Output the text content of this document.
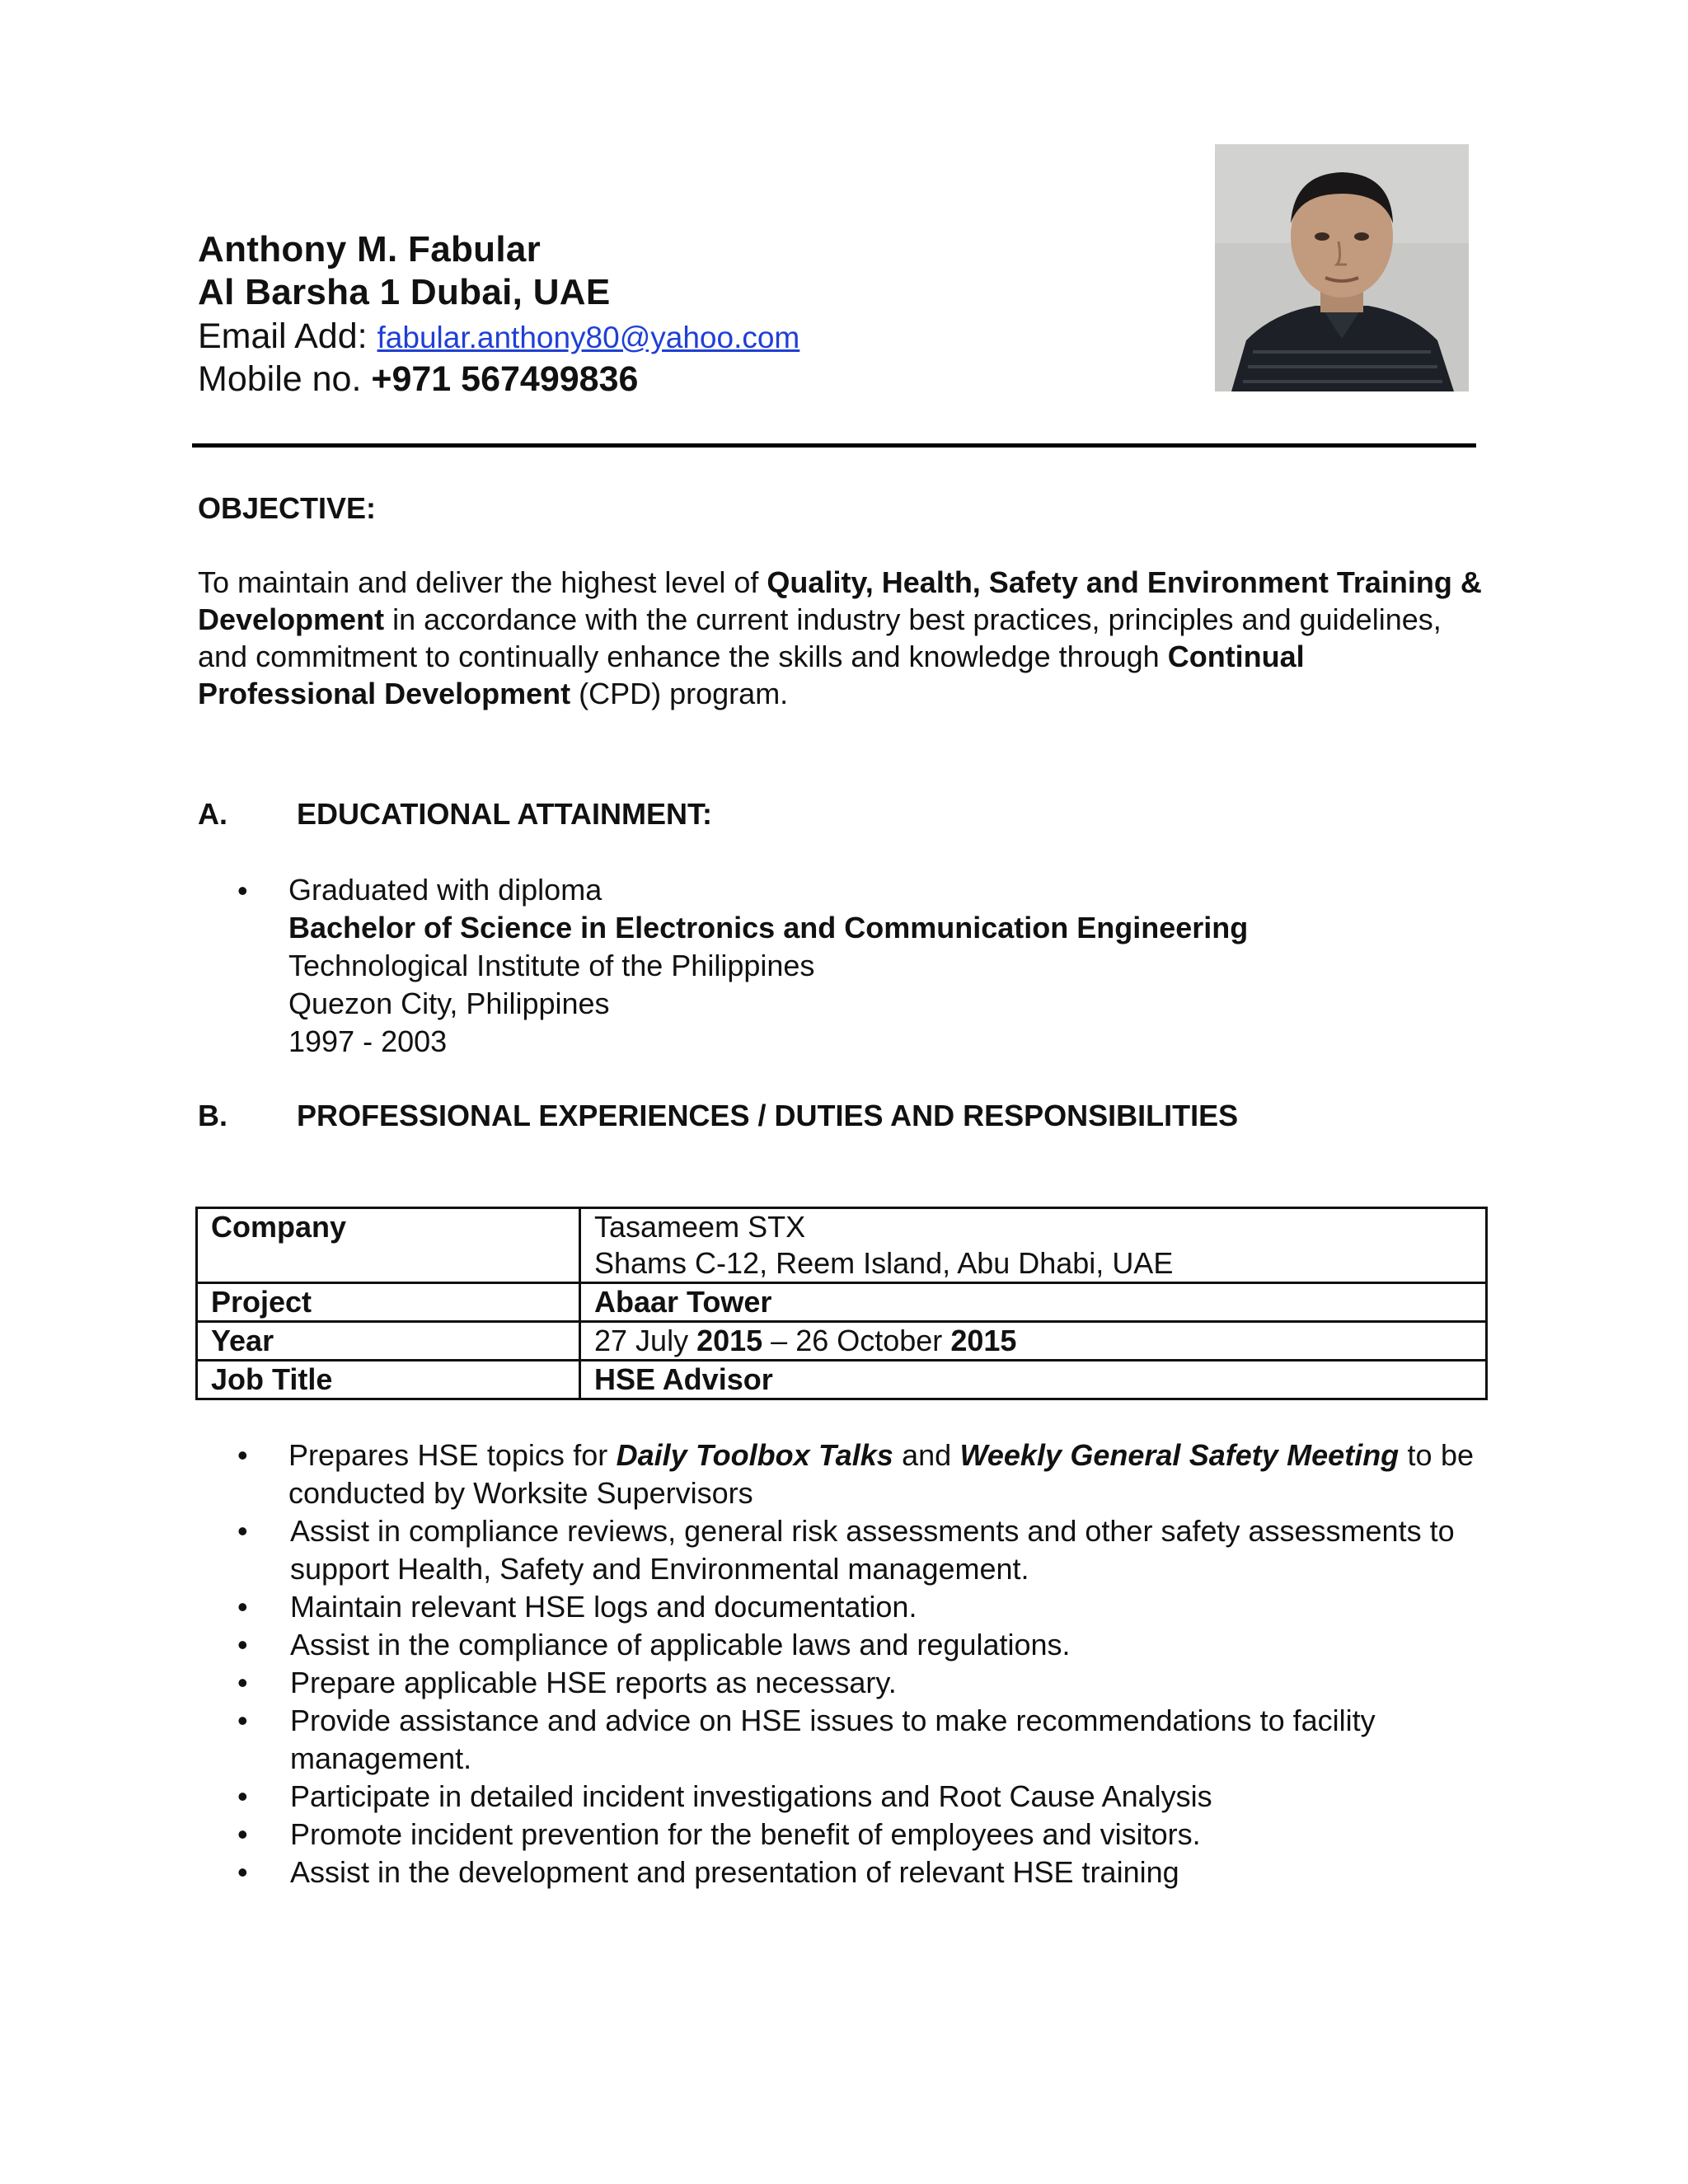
Anthony M. Fabular
Al Barsha 1 Dubai, UAE
Email Add: fabular.anthony80@yahoo.com
Mobile no. +971 567499836
OBJECTIVE:
To maintain and deliver the highest level of Quality, Health, Safety and Environment Training & Development in accordance with the current industry best practices, principles and guidelines, and commitment to continually enhance the skills and knowledge through Continual Professional Development (CPD) program.
A. EDUCATIONAL ATTAINMENT:
• Graduated with diploma
Bachelor of Science in Electronics and Communication Engineering
Technological Institute of the Philippines
Quezon City, Philippines
1997 - 2003
B. PROFESSIONAL EXPERIENCES / DUTIES AND RESPONSIBILITIES
Company	Tasameem STX
Shams C-12, Reem Island, Abu Dhabi, UAE

Project	Abaar Tower
Year	27 July 2015 – 26 October 2015
Job Title	HSE Advisor
• Prepares HSE topics for Daily Toolbox Talks and Weekly General Safety Meeting to be conducted by Worksite Supervisors
• Assist in compliance reviews, general risk assessments and other safety assessments to support Health, Safety and Environmental management.
• Maintain relevant HSE logs and documentation.
• Assist in the compliance of applicable laws and regulations.
• Prepare applicable HSE reports as necessary.
• Provide assistance and advice on HSE issues to make recommendations to facility management.
• Participate in detailed incident investigations and Root Cause Analysis
• Promote incident prevention for the benefit of employees and visitors.
• Assist in the development and presentation of relevant HSE training
